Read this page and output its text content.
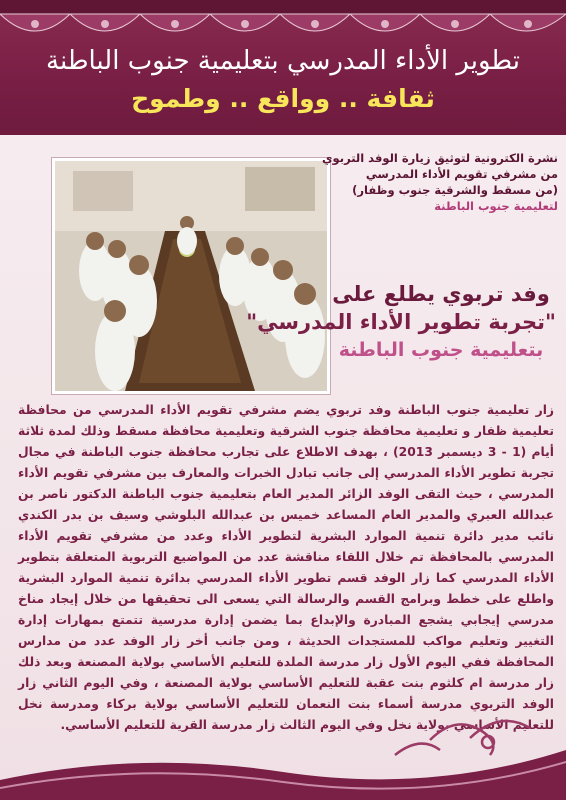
تطوير الأداء المدرسي بتعليمية جنوب الباطنة
ثقافة .. وواقع .. وطموح
نشرة الكترونية لتوثيق زيارة الوفد التربوي
من مشرفي تقويم الأداء المدرسي
(من مسقط والشرقية جنوب وظفار)
لتعليمية جنوب الباطنة
وفد تربوي يطلع على
"تجربة تطوير الأداء المدرسي"
بتعليمية جنوب الباطنة

زار تعليمية جنوب الباطنة وفد تربوي يضم مشرفي تقويم الأداء المدرسي من محافظة تعليمية ظفار و تعليمية محافظة جنوب الشرقية وتعليمية محافظة مسقط وذلك لمدة ثلاثة أيام (1 - 3 ديسمبر 2013) ، بهدف الاطلاع على تجارب محافظة جنوب الباطنة في مجال تجربة تطوير الأداء المدرسي إلى جانب تبادل الخبرات والمعارف بين مشرفي تقويم الأداء المدرسي ، حيث التقى الوفد الزائر المدير العام بتعليمية جنوب الباطنة الدكتور ناصر بن عبدالله العبري والمدير العام المساعد خميس بن عبدالله البلوشي وسيف بن بدر الكندي نائب مدير دائرة تنمية الموارد البشرية لتطوير الأداء وعدد من مشرفي تقويم الأداء المدرسي بالمحافظة تم خلال اللقاء مناقشة عدد من المواضيع التربوية المتعلقة بتطوير الأداء المدرسي كما زار الوفد قسم تطوير الأداء المدرسي بدائرة تنمية الموارد البشرية واطلع على خطط وبرامج القسم والرسالة التي يسعى الى تحقيقها من خلال إيجاد مناخ مدرسي إيجابي يشجع المبادرة والإبداع بما يضمن إدارة مدرسية تتمتع بمهارات إدارة التغيير وتعليم مواكب للمستجدات الحديثة ، ومن جانب أخر زار الوفد عدد من مدارس المحافظة ففي اليوم الأول زار مدرسة الملدة للتعليم الأساسي بولاية المصنعة وبعد ذلك زار مدرسة ام كلثوم بنت عقبة للتعليم الأساسي بولاية المصنعة ، وفي اليوم الثاني زار الوفد التربوي مدرسة أسماء بنت النعمان للتعليم الأساسي بولاية بركاء ومدرسة نخل للتعليم الأساسي بولاية نخل وفي اليوم الثالث زار مدرسة القرية للتعليم الأساسي.
